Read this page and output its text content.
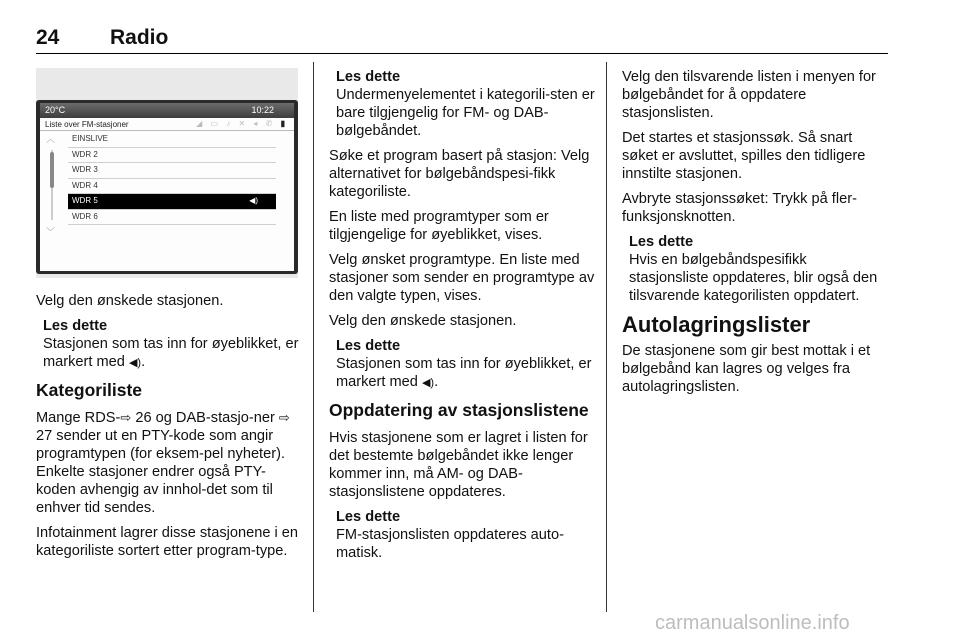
24 Radio
20°C	10:22
Liste over FM-stasjoner	◢ ▭ ♪ ✕ ◂ ✆ ▮
︿
﹀
EINSLIVE
WDR 2
WDR 3
WDR 4
WDR 5	◀)
WDR 6

Velg den ønskede stasjonen.

Les dette
Stasjonen som tas inn for øyeblikket, er markert med ◀).
Kategoriliste

Mange RDS-⇨ 26 og DAB-stasjo-ner ⇨ 27 sender ut en PTY-kode som angir programtypen (for eksem-pel nyheter). Enkelte stasjoner endrer også PTY-koden avhengig av innhol-det som til enhver tid sendes.

Infotainment lagrer disse stasjonene i en kategoriliste sortert etter program-type.

Les dette
Undermenyelementet i kategorili-sten er bare tilgjengelig for FM- og DAB-bølgebåndet.

Søke et program basert på stasjon: Velg alternativet for bølgebåndspesi-fikk kategoriliste.

En liste med programtyper som er tilgjengelige for øyeblikket, vises.

Velg ønsket programtype. En liste med stasjoner som sender en programtype av den valgte typen, vises.

Velg den ønskede stasjonen.

Les dette
Stasjonen som tas inn for øyeblikket, er markert med ◀).
Oppdatering av stasjonslistene

Hvis stasjonene som er lagret i listen for det bestemte bølgebåndet ikke lenger kommer inn, må AM- og DAB-stasjonslistene oppdateres.

Les dette
FM-stasjonslisten oppdateres auto-matisk.

Velg den tilsvarende listen i menyen for bølgebåndet for å oppdatere stasjonslisten.

Det startes et stasjonssøk. Så snart søket er avsluttet, spilles den tidligere innstilte stasjonen.

Avbryte stasjonssøket: Trykk på fler-funksjonsknotten.

Les dette
Hvis en bølgebåndspesifikk stasjonsliste oppdateres, blir også den tilsvarende kategorilisten oppdatert.
Autolagringslister

De stasjonene som gir best mottak i et bølgebånd kan lagres og velges fra autolagringslisten.

carmanualsonline.info
